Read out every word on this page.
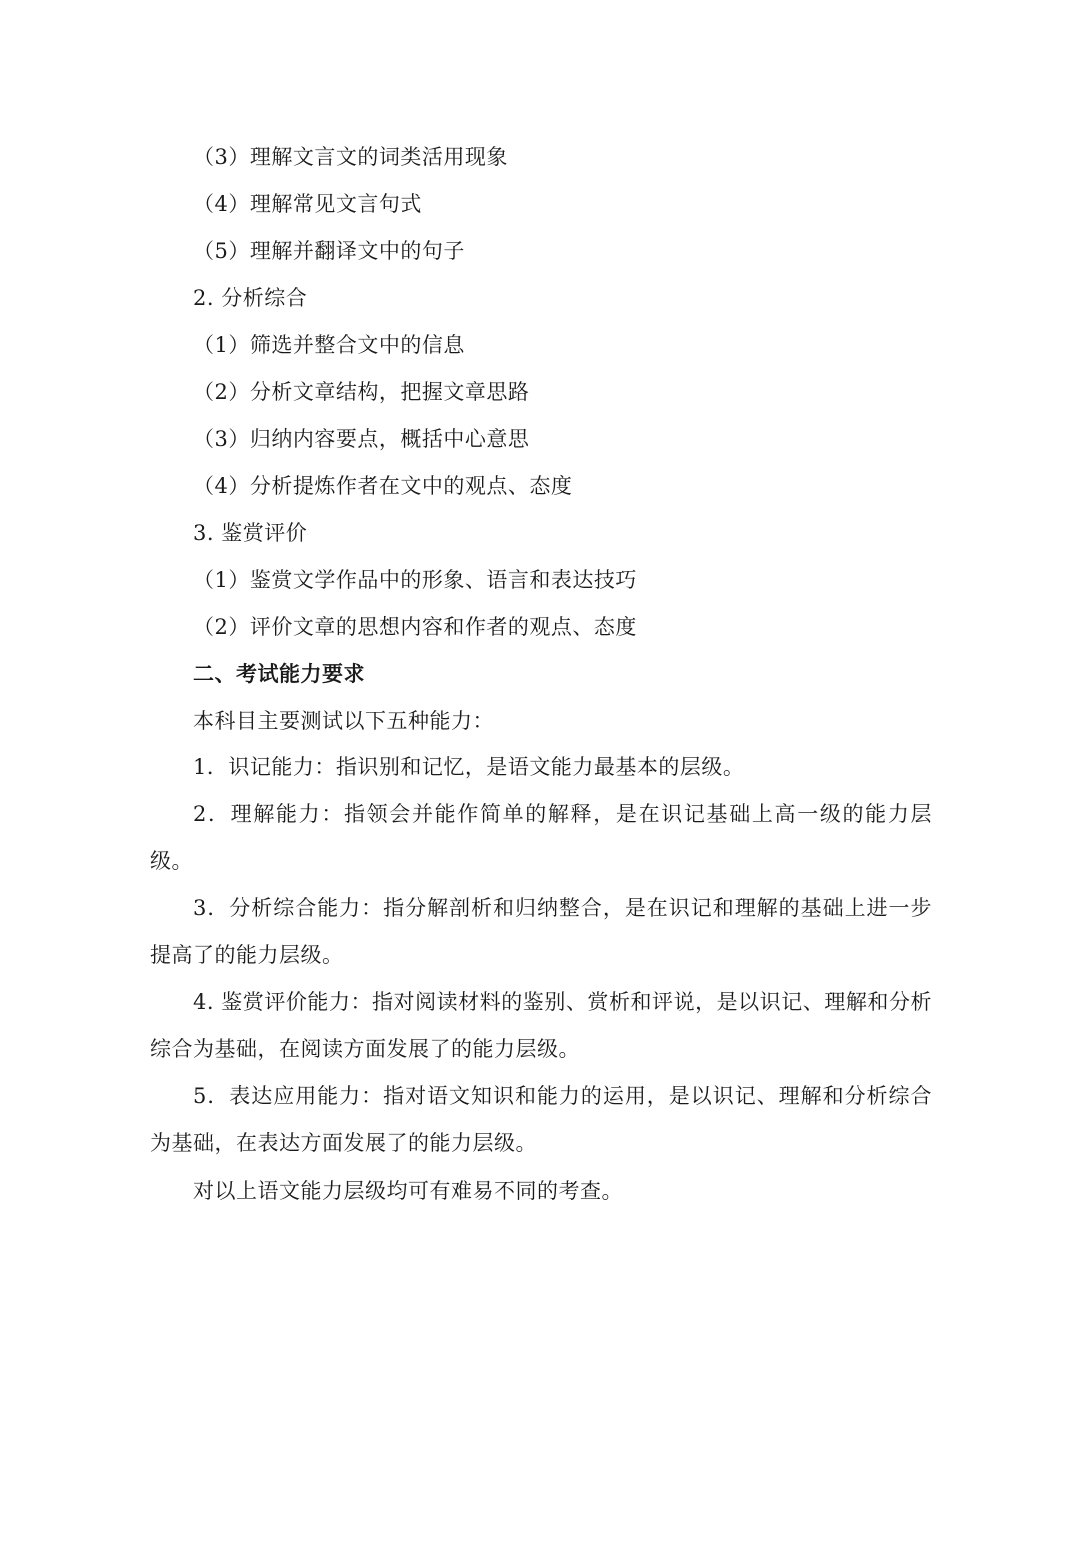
（3）理解文言文的词类活用现象
（4）理解常见文言句式
（5）理解并翻译文中的句子
2. 分析综合
（1）筛选并整合文中的信息
（2）分析文章结构，把握文章思路
（3）归纳内容要点，概括中心意思
（4）分析提炼作者在文中的观点、态度
3. 鉴赏评价
（1）鉴赏文学作品中的形象、语言和表达技巧
（2）评价文章的思想内容和作者的观点、态度
二、考试能力要求
本科目主要测试以下五种能力：
1．识记能力：指识别和记忆，是语文能力最基本的层级。
2．理解能力：指领会并能作简单的解释，是在识记基础上高一级的能力层级。
3．分析综合能力：指分解剖析和归纳整合，是在识记和理解的基础上进一步提高了的能力层级。
4. 鉴赏评价能力：指对阅读材料的鉴别、赏析和评说，是以识记、理解和分析综合为基础，在阅读方面发展了的能力层级。
5．表达应用能力：指对语文知识和能力的运用，是以识记、理解和分析综合为基础，在表达方面发展了的能力层级。
对以上语文能力层级均可有难易不同的考查。
